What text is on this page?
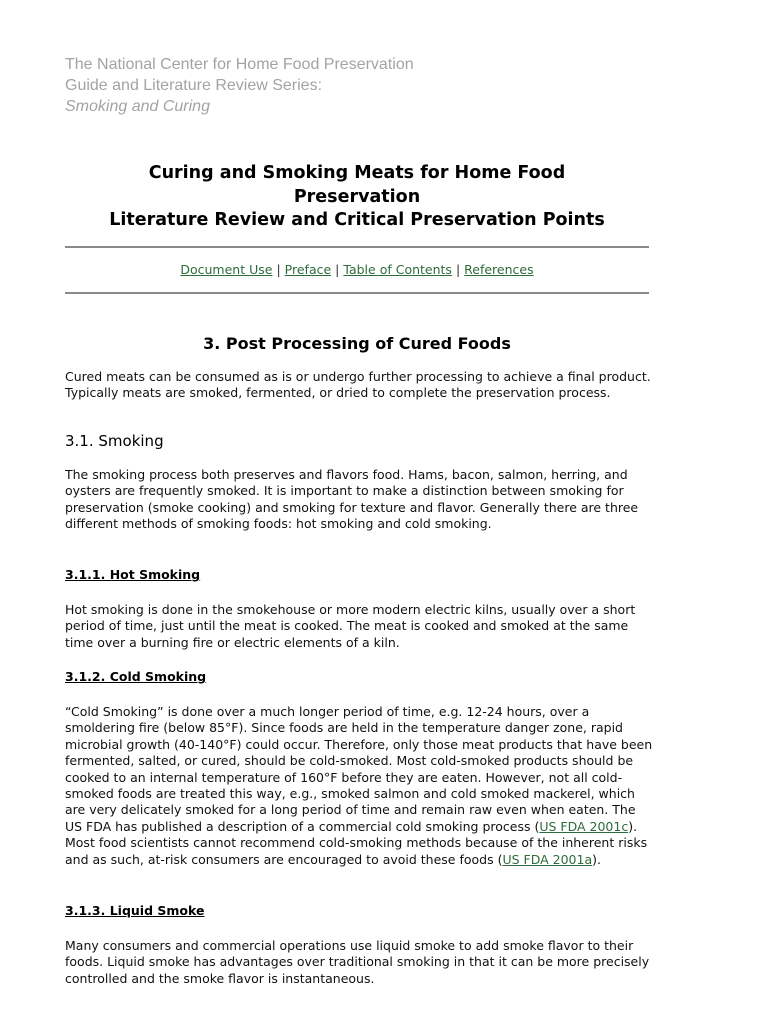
The National Center for Home Food Preservation
Guide and Literature Review Series:
Smoking and Curing
Curing and Smoking Meats for Home Food
Preservation
Literature Review and Critical Preservation Points
Document Use | Preface | Table of Contents | References
3. Post Processing of Cured Foods

Cured meats can be consumed as is or undergo further processing to achieve a final product. Typically meats are smoked, fermented, or dried to complete the preservation process.

3.1. Smoking

The smoking process both preserves and flavors food. Hams, bacon, salmon, herring, and oysters are frequently smoked. It is important to make a distinction between smoking for preservation (smoke cooking) and smoking for texture and flavor. Generally there are three different methods of smoking foods: hot smoking and cold smoking.

3.1.1. Hot Smoking

Hot smoking is done in the smokehouse or more modern electric kilns, usually over a short period of time, just until the meat is cooked. The meat is cooked and smoked at the same time over a burning fire or electric elements of a kiln.

3.1.2. Cold Smoking

“Cold Smoking” is done over a much longer period of time, e.g. 12-24 hours, over a smoldering fire (below 85°F). Since foods are held in the temperature danger zone, rapid microbial growth (40-140°F) could occur. Therefore, only those meat products that have been fermented, salted, or cured, should be cold-smoked. Most cold-smoked products should be cooked to an internal temperature of 160°F before they are eaten. However, not all cold-smoked foods are treated this way, e.g., smoked salmon and cold smoked mackerel, which are very delicately smoked for a long period of time and remain raw even when eaten. The US FDA has published a description of a commercial cold smoking process (US FDA 2001c). Most food scientists cannot recommend cold-smoking methods because of the inherent risks and as such, at-risk consumers are encouraged to avoid these foods (US FDA 2001a).

3.1.3. Liquid Smoke

Many consumers and commercial operations use liquid smoke to add smoke flavor to their foods. Liquid smoke has advantages over traditional smoking in that it can be more precisely controlled and the smoke flavor is instantaneous.
